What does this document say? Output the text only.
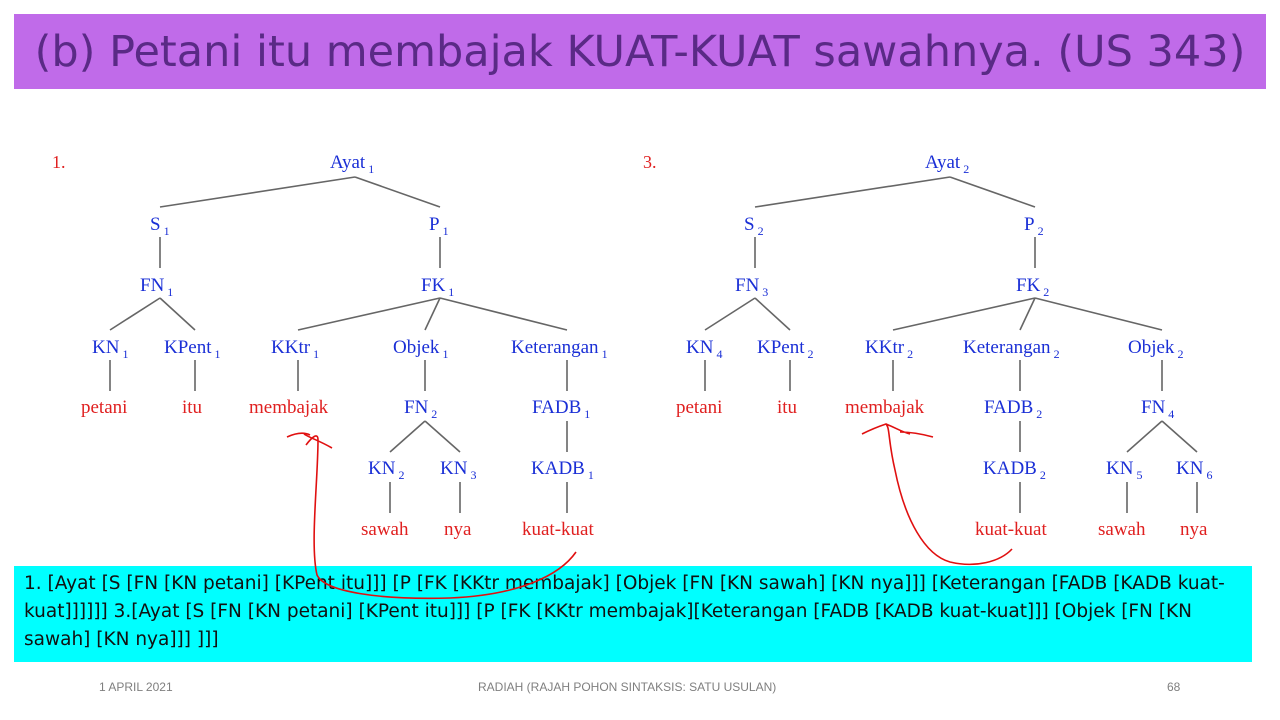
(b) Petani itu membajak KUAT-KUAT sawahnya. (US 343)
1.	Ayat $_1$
S $_1$	P $_1$
FN $_1$	FK $_1$
KN $_1$ KPent $_1$	KKtr $_1$	Objek $_1$	Keterangan $_1$
petani	itu membajak	FN $_2$	FADB $_1$
KN $_2$ KN $_3$	KADB $_1$
sawah nya	kuat-kuat
3.	Ayat $_2$
S $_2$	P $_2$
FN $_3$	FK $_2$
KN $_4$ KPent $_2$	KKtr $_2$	Keterangan $_2$	Objek $_2$
petani	itu	membajak	FADB $_2$	FN $_4$
KADB $_2$	KN $_5$ KN $_6$
kuat-kuat	sawah nya
1. [Ayat [S [FN [KN petani] [KPent itu]]] [P [FK [KKtr membajak] [Objek [FN [KN sawah] [KN nya]]] [Keterangan [FADB [KADB kuat-kuat]]]]]] 3.[Ayat [S [FN [KN petani] [KPent itu]]] [P [FK [KKtr membajak][Keterangan [FADB [KADB kuat-kuat]]] [Objek [FN [KN sawah] [KN nya]]] ]]]
1 APRIL 2021	RADIAH (RAJAH POHON SINTAKSIS: SATU USULAN)	68
